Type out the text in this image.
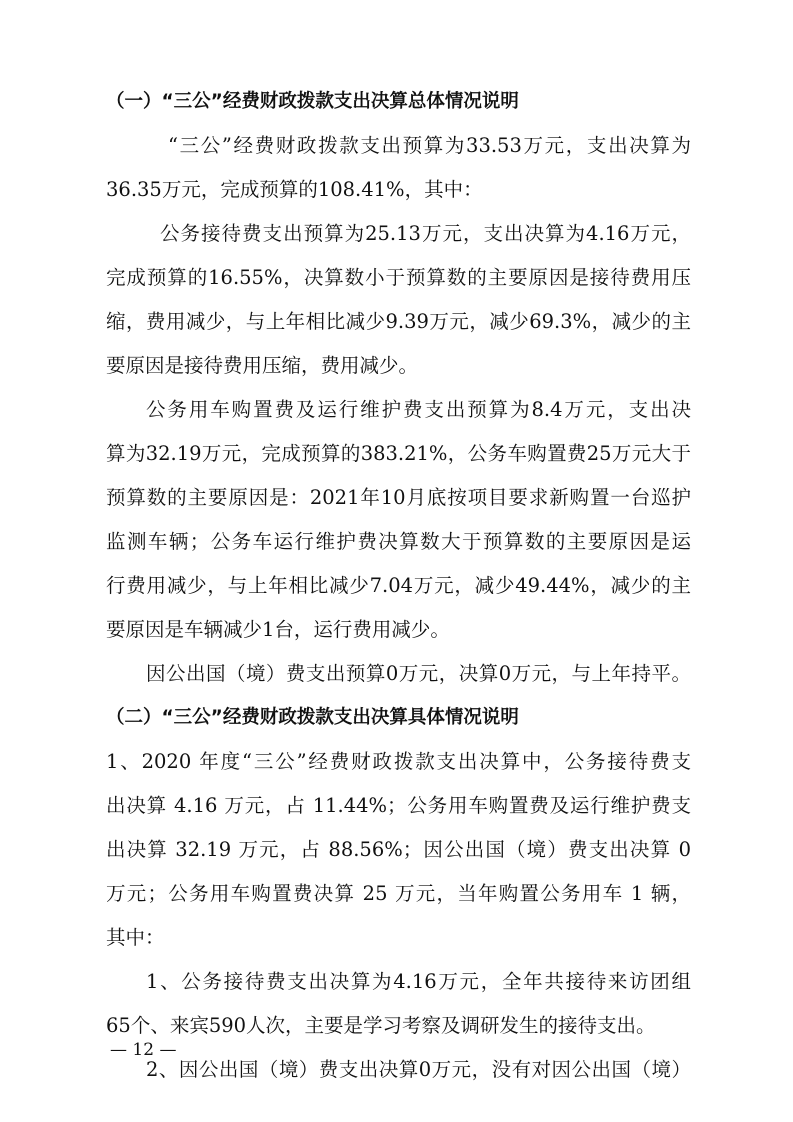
（一）“三公”经费财政拨款支出决算总体情况说明
“三公”经费财政拨款支出预算为33.53万元，支出决算为
36.35万元，完成预算的108.41%，其中：
公务接待费支出预算为25.13万元，支出决算为4.16万元，
完成预算的16.55%，决算数小于预算数的主要原因是接待费用压
缩，费用减少，与上年相比减少9.39万元，减少69.3%，减少的主
要原因是接待费用压缩，费用减少。
公务用车购置费及运行维护费支出预算为8.4万元，支出决
算为32.19万元，完成预算的383.21%，公务车购置费25万元大于
预算数的主要原因是：2021年10月底按项目要求新购置一台巡护
监测车辆；公务车运行维护费决算数大于预算数的主要原因是运
行费用减少，与上年相比减少7.04万元，减少49.44%，减少的主
要原因是车辆减少1台，运行费用减少。
因公出国（境）费支出预算0万元，决算0万元，与上年持平。
（二）“三公”经费财政拨款支出决算具体情况说明
1、2020 年度“三公”经费财政拨款支出决算中，公务接待费支
出决算 4.16 万元，占 11.44%；公务用车购置费及运行维护费支
出决算 32.19 万元，占 88.56%；因公出国（境）费支出决算 0
万元；公务用车购置费决算 25 万元，当年购置公务用车 1 辆，
其中：
1、公务接待费支出决算为4.16万元，全年共接待来访团组
65个、来宾590人次，主要是学习考察及调研发生的接待支出。
2、因公出国（境）费支出决算0万元，没有对因公出国（境）
— 12 —
